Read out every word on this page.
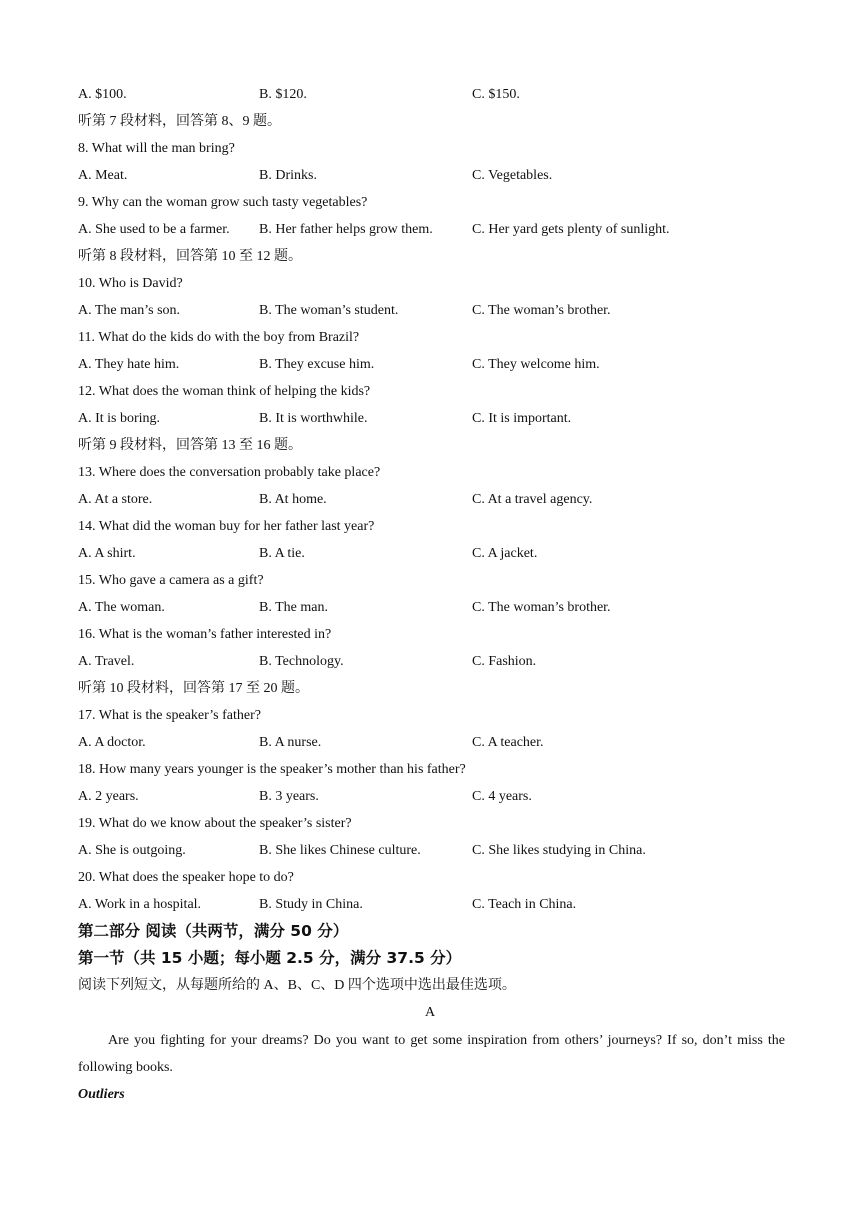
A. $100.	B. $120.	C. $150.
听第 7 段材料，回答第 8、9 题。
8. What will the man bring?
A. Meat.	B. Drinks.	C. Vegetables.
9. Why can the woman grow such tasty vegetables?
A. She used to be a farmer. B. Her father helps grow them.	C. Her yard gets plenty of sunlight.
听第 8 段材料，回答第 10 至 12 题。
10. Who is David?
A. The man’s son.	B. The woman’s student.	C. The woman’s brother.
11. What do the kids do with the boy from Brazil?
A. They hate him.	B. They excuse him.	C. They welcome him.
12. What does the woman think of helping the kids?
A. It is boring.	B. It is worthwhile.	C. It is important.
听第 9 段材料，回答第 13 至 16 题。
13. Where does the conversation probably take place?
A. At a store.	B. At home.	C. At a travel agency.
14. What did the woman buy for her father last year?
A. A shirt.	B. A tie.	C. A jacket.
15. Who gave a camera as a gift?
A. The woman.	B. The man.	C. The woman’s brother.
16. What is the woman’s father interested in?
A. Travel.	B. Technology.	C. Fashion.
听第 10 段材料，回答第 17 至 20 题。
17. What is the speaker’s father?
A. A doctor.	B. A nurse.	C. A teacher.
18. How many years younger is the speaker’s mother than his father?
A. 2 years.	B. 3 years.	C. 4 years.
19. What do we know about the speaker’s sister?
A. She is outgoing.	B. She likes Chinese culture.	C. She likes studying in China.
20. What does the speaker hope to do?
A. Work in a hospital.	B. Study in China.	C. Teach in China.
第二部分 阅读（共两节，满分 50 分）
第一节（共 15 小题；每小题 2.5 分，满分 37.5 分）
阅读下列短文，从每题所给的 A、B、C、D 四个选项中选出最佳选项。
A
Are you fighting for your dreams? Do you want to get some inspiration from others’ journeys? If so, don’t miss the following books.
Outliers
